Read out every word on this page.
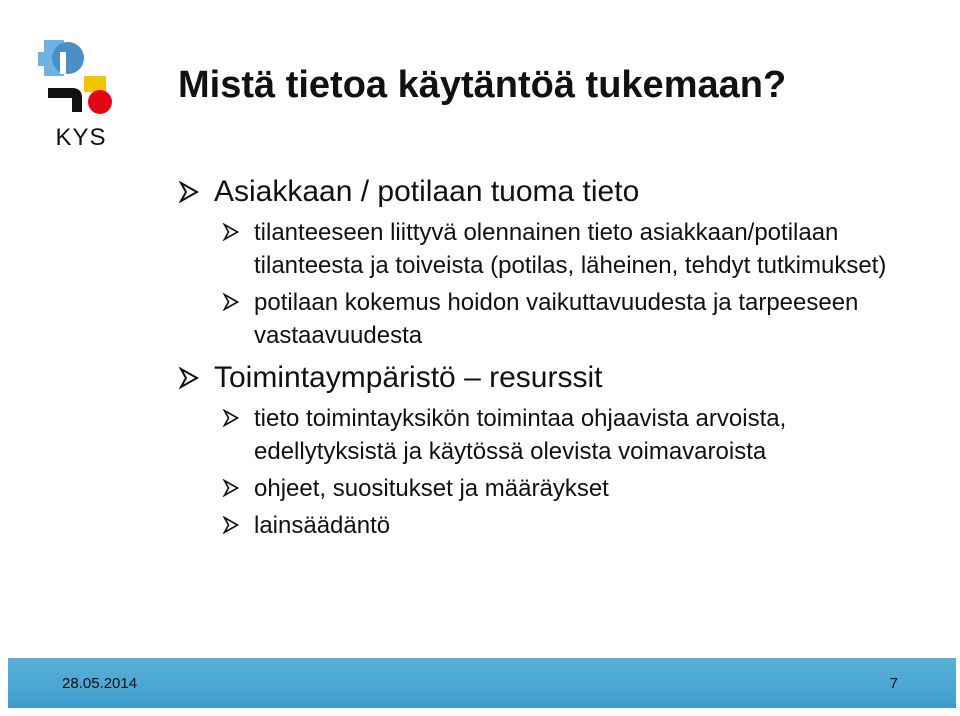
KYS
Mistä tietoa käytäntöä tukemaan?
Asiakkaan / potilaan tuoma tieto
tilanteeseen liittyvä olennainen tieto asiakkaan/potilaan tilanteesta ja toiveista (potilas, läheinen, tehdyt tutkimukset)
potilaan kokemus hoidon vaikuttavuudesta ja tarpeeseen vastaavuudesta
Toimintaympäristö – resurssit
tieto toimintayksikön toimintaa ohjaavista arvoista, edellytyksistä ja käytössä olevista voimavaroista
ohjeet, suositukset ja määräykset
lainsäädäntö
28.05.2014	7
